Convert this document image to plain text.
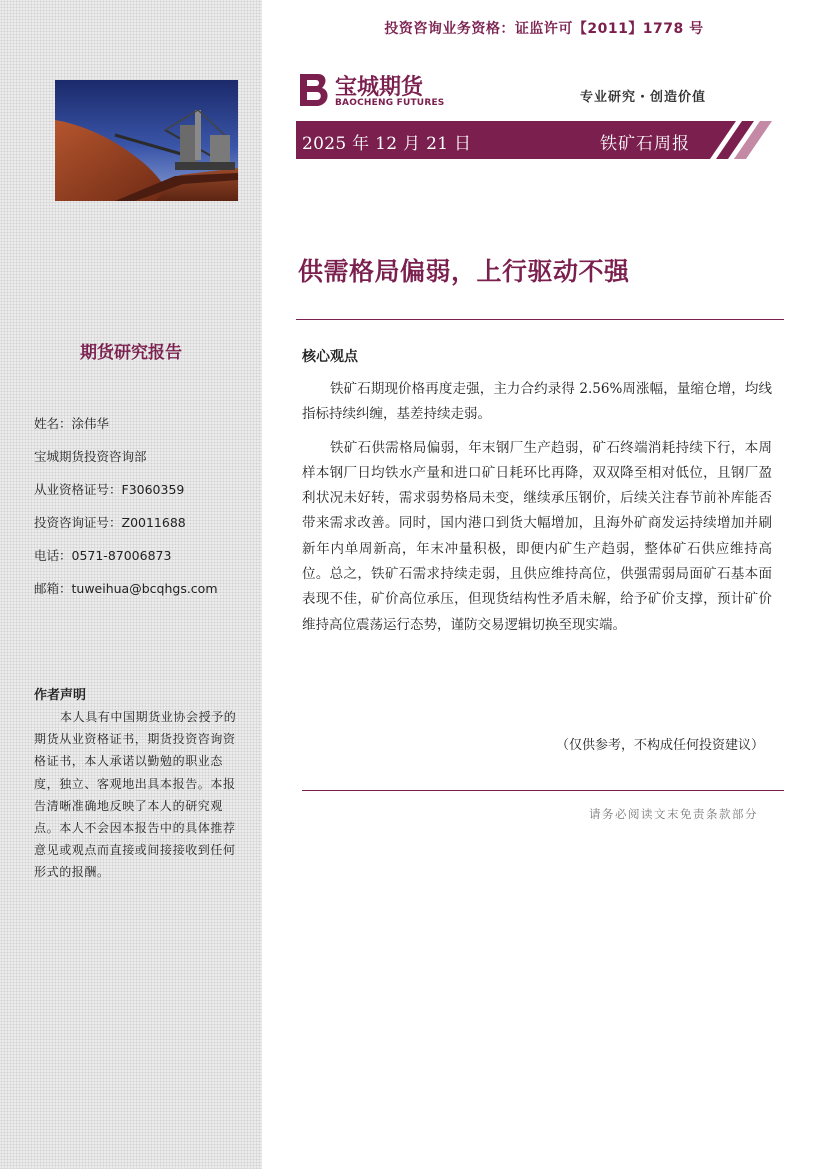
期货研究报告
姓名：涂伟华
宝城期货投资咨询部
从业资格证号：F3060359
投资咨询证号：Z0011688
电话：0571-87006873
邮箱：tuweihua@bcqhgs.com
作者声明
本人具有中国期货业协会授予的期货从业资格证书，期货投资咨询资格证书，本人承诺以勤勉的职业态度，独立、客观地出具本报告。本报告清晰准确地反映了本人的研究观点。本人不会因本报告中的具体推荐意见或观点而直接或间接接收到任何形式的报酬。
投资咨询业务资格：证监许可【2011】1778 号
宝城期货
BAOCHENG FUTURES	专业研究・创造价值
2025 年 12 月 21 日	铁矿石周报
供需格局偏弱，上行驱动不强
核心观点

铁矿石期现价格再度走强，主力合约录得 2.56%周涨幅，量缩仓增，均线指标持续纠缠，基差持续走弱。

铁矿石供需格局偏弱，年末钢厂生产趋弱，矿石终端消耗持续下行，本周样本钢厂日均铁水产量和进口矿日耗环比再降，双双降至相对低位，且钢厂盈利状况未好转，需求弱势格局未变，继续承压钢价，后续关注春节前补库能否带来需求改善。同时，国内港口到货大幅增加，且海外矿商发运持续增加并刷新年内单周新高，年末冲量积极，即便内矿生产趋弱，整体矿石供应维持高位。总之，铁矿石需求持续走弱，且供应维持高位，供强需弱局面矿石基本面表现不佳，矿价高位承压，但现货结构性矛盾未解，给予矿价支撑，预计矿价维持高位震荡运行态势，谨防交易逻辑切换至现实端。

（仅供参考，不构成任何投资建议）
请务必阅读文末免责条款部分
